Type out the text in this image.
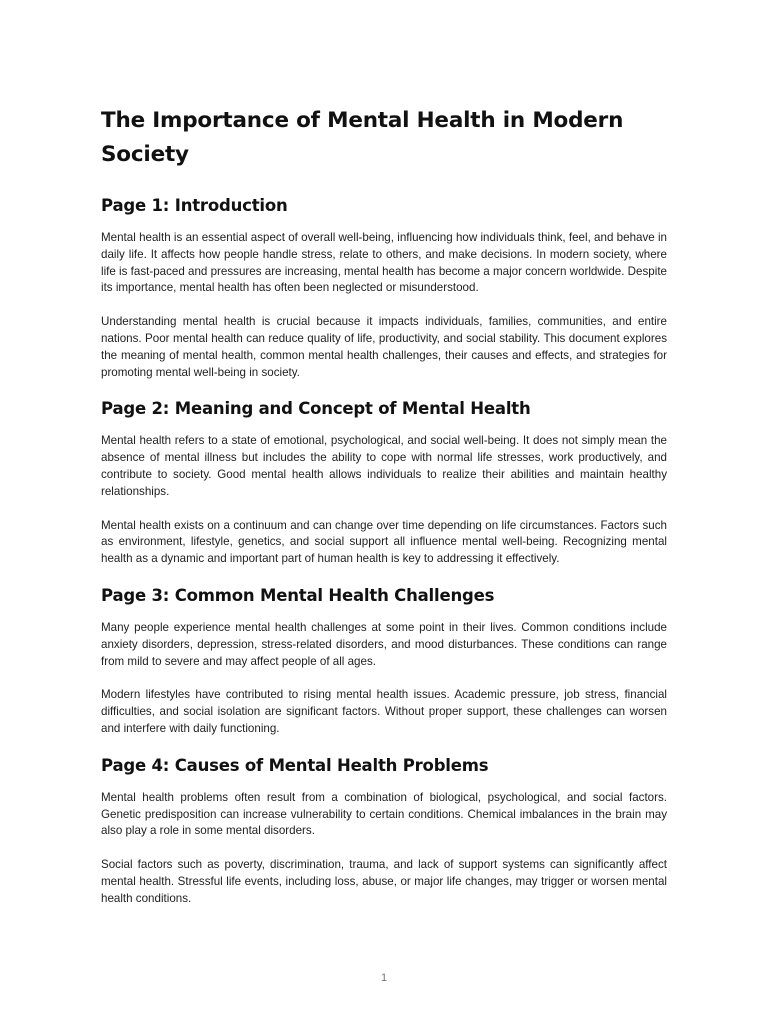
The Importance of Mental Health in Modern Society
Page 1: Introduction

Mental health is an essential aspect of overall well-being, influencing how individuals think, feel, and behave in daily life. It affects how people handle stress, relate to others, and make decisions. In modern society, where life is fast-paced and pressures are increasing, mental health has become a major concern worldwide. Despite its importance, mental health has often been neglected or misunderstood.

Understanding mental health is crucial because it impacts individuals, families, communities, and entire nations. Poor mental health can reduce quality of life, productivity, and social stability. This document explores the meaning of mental health, common mental health challenges, their causes and effects, and strategies for promoting mental well-being in society.

Page 2: Meaning and Concept of Mental Health

Mental health refers to a state of emotional, psychological, and social well-being. It does not simply mean the absence of mental illness but includes the ability to cope with normal life stresses, work productively, and contribute to society. Good mental health allows individuals to realize their abilities and maintain healthy relationships.

Mental health exists on a continuum and can change over time depending on life circumstances. Factors such as environment, lifestyle, genetics, and social support all influence mental well-being. Recognizing mental health as a dynamic and important part of human health is key to addressing it effectively.

Page 3: Common Mental Health Challenges

Many people experience mental health challenges at some point in their lives. Common conditions include anxiety disorders, depression, stress-related disorders, and mood disturbances. These conditions can range from mild to severe and may affect people of all ages.

Modern lifestyles have contributed to rising mental health issues. Academic pressure, job stress, financial difficulties, and social isolation are significant factors. Without proper support, these challenges can worsen and interfere with daily functioning.

Page 4: Causes of Mental Health Problems

Mental health problems often result from a combination of biological, psychological, and social factors. Genetic predisposition can increase vulnerability to certain conditions. Chemical imbalances in the brain may also play a role in some mental disorders.

Social factors such as poverty, discrimination, trauma, and lack of support systems can significantly affect mental health. Stressful life events, including loss, abuse, or major life changes, may trigger or worsen mental health conditions.

1
